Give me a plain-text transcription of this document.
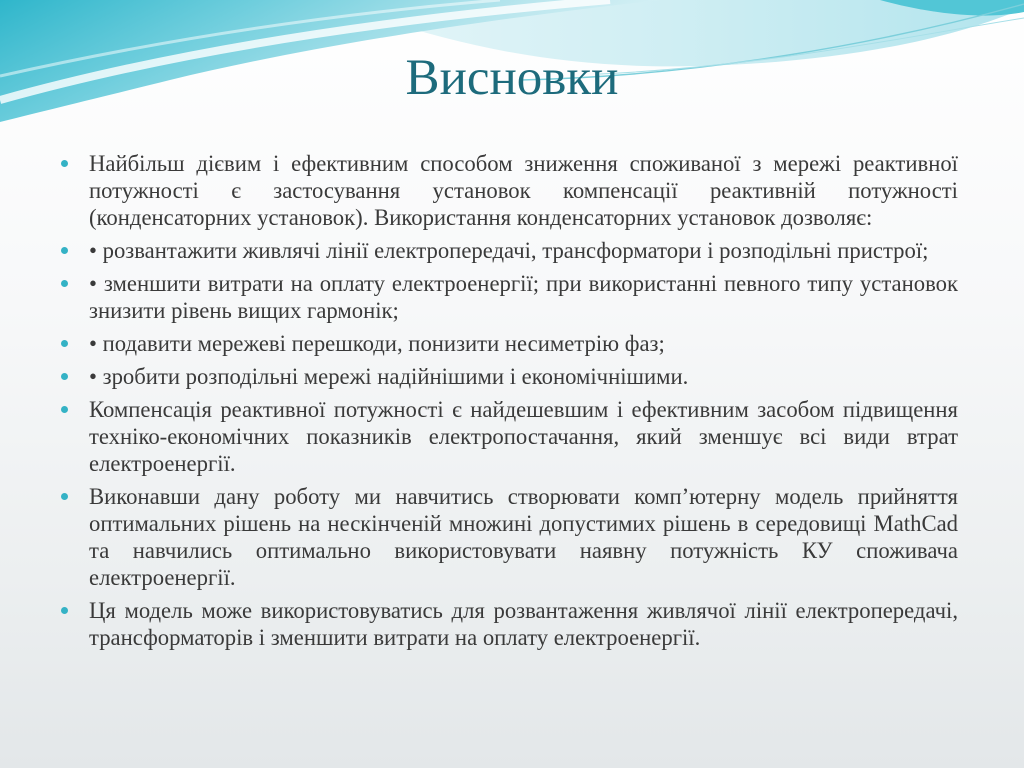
Висновки
Найбільш дієвим і ефективним способом зниження споживаної з мережі реактивної потужності є застосування установок компенсації реактивній потужності (конденсаторних установок). Використання конденсаторних установок дозволяє:
• розвантажити живлячі лінії електропередачі, трансформатори і розподільні пристрої;
• зменшити витрати на оплату електроенергії; при використанні певного типу установок знизити рівень вищих гармонік;
• подавити мережеві перешкоди, понизити несиметрію фаз;
• зробити розподільні мережі надійнішими і економічнішими.
Компенсація реактивної потужності є найдешевшим і ефективним засобом підвищення техніко-економічних показників електропостачання, який зменшує всі види втрат електроенергії.
Виконавши дану роботу ми навчитись створювати комп’ютерну модель прийняття оптимальних рішень на нескінченій множині допустимих рішень в середовищі MathCad та навчились оптимально використовувати наявну потужність КУ споживача електроенергії.
Ця модель може використовуватись для розвантаження живлячої лінії електропередачі, трансформаторів і зменшити витрати на оплату електроенергії.
